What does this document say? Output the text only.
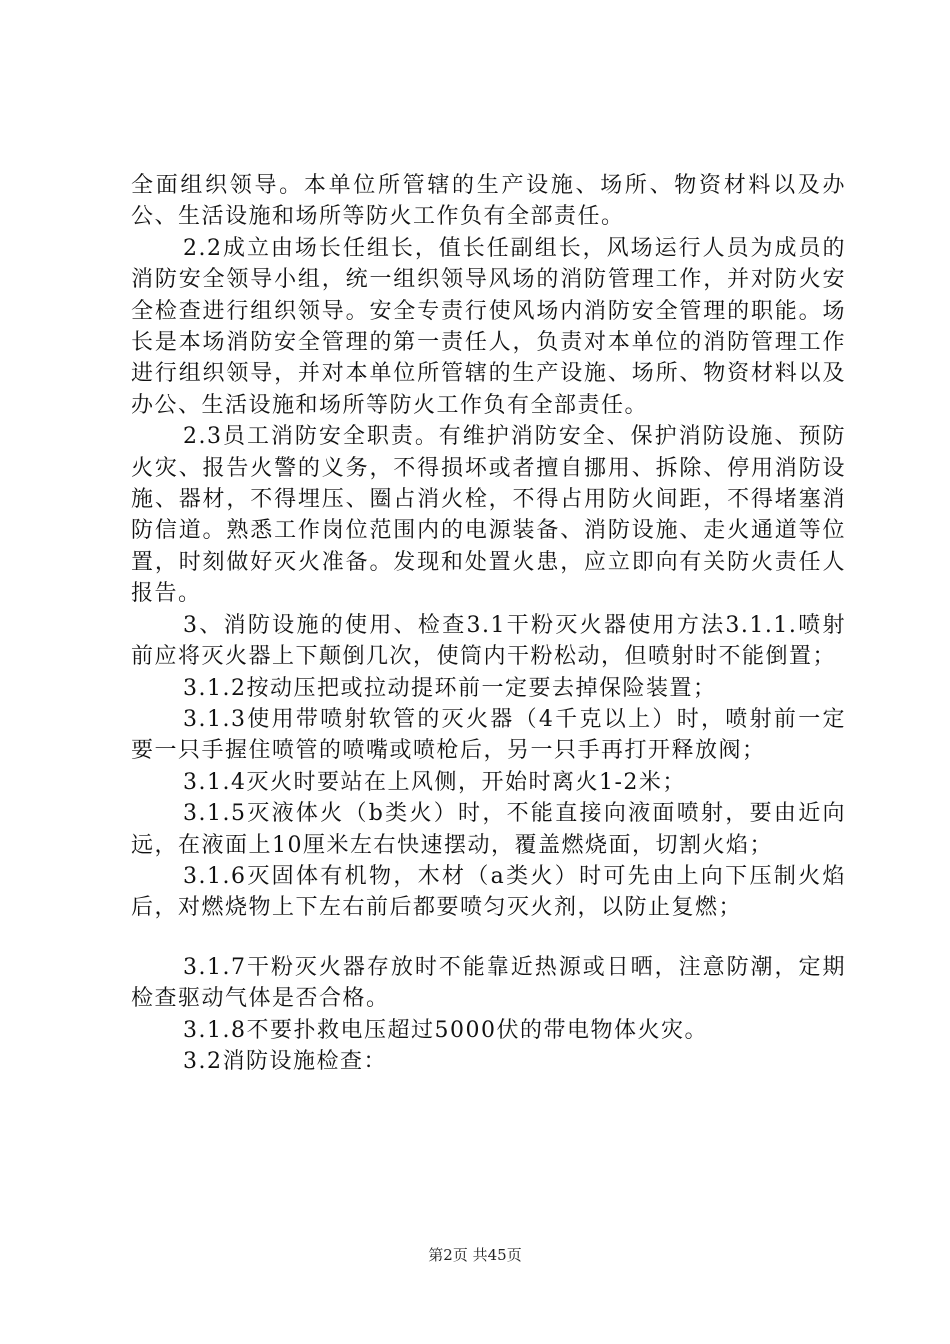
全面组织领导。本单位所管辖的生产设施、场所、物资材料以及办公、生活设施和场所等防火工作负有全部责任。

2.2成立由场长任组长，值长任副组长，风场运行人员为成员的消防安全领导小组，统一组织领导风场的消防管理工作，并对防火安全检查进行组织领导。安全专责行使风场内消防安全管理的职能。场长是本场消防安全管理的第一责任人，负责对本单位的消防管理工作进行组织领导，并对本单位所管辖的生产设施、场所、物资材料以及办公、生活设施和场所等防火工作负有全部责任。

2.3员工消防安全职责。有维护消防安全、保护消防设施、预防火灾、报告火警的义务，不得损坏或者擅自挪用、拆除、停用消防设施、器材，不得埋压、圈占消火栓，不得占用防火间距，不得堵塞消防信道。熟悉工作岗位范围内的电源装备、消防设施、走火通道等位置，时刻做好灭火准备。发现和处置火患，应立即向有关防火责任人报告。

3、消防设施的使用、检查3.1干粉灭火器使用方法3.1.1.喷射前应将灭火器上下颠倒几次，使筒内干粉松动，但喷射时不能倒置；

3.1.2按动压把或拉动提环前一定要去掉保险装置；

3.1.3使用带喷射软管的灭火器（4千克以上）时，喷射前一定要一只手握住喷管的喷嘴或喷枪后，另一只手再打开释放阀；

3.1.4灭火时要站在上风侧，开始时离火1-2米；

3.1.5灭液体火（b类火）时，不能直接向液面喷射，要由近向远，在液面上10厘米左右快速摆动，覆盖燃烧面，切割火焰；

3.1.6灭固体有机物，木材（a类火）时可先由上向下压制火焰后，对燃烧物上下左右前后都要喷匀灭火剂，以防止复燃；

3.1.7干粉灭火器存放时不能靠近热源或日晒，注意防潮，定期检查驱动气体是否合格。

3.1.8不要扑救电压超过5000伏的带电物体火灾。

3.2消防设施检查：

第2页 共45页
